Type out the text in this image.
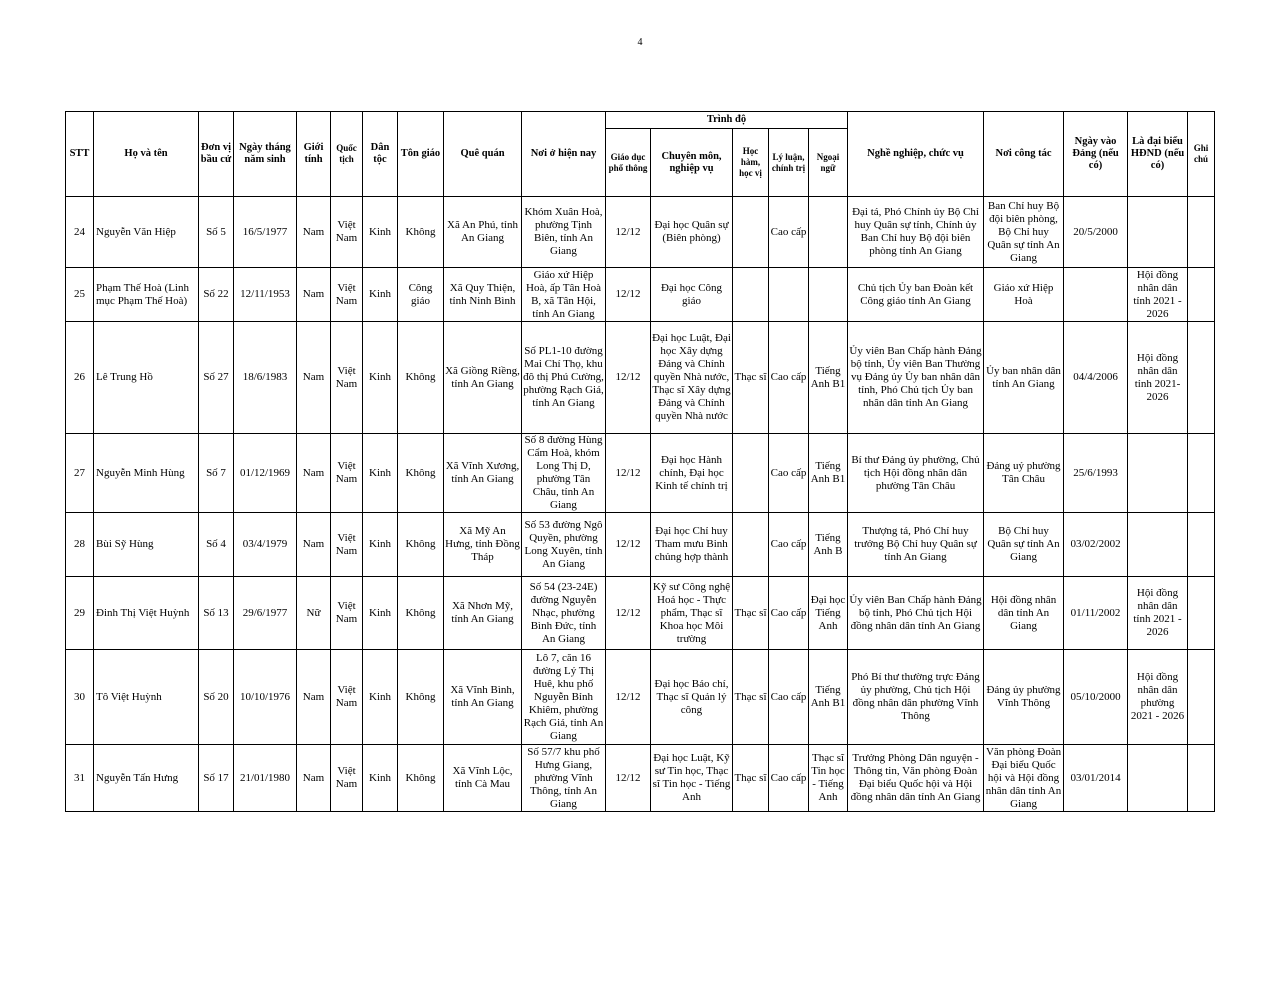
4
STT	Họ và tên	Đơn vị bầu cử	Ngày tháng năm sinh	Giới tính	Quốc tịch	Dân tộc	Tôn giáo	Quê quán	Nơi ở hiện nay	Trình độ					Nghề nghiệp, chức vụ	Nơi công tác	Ngày vào Đảng (nếu có)	Là đại biểu HĐND (nếu có)	Ghi chú
										Giáo dục phổ thông	Chuyên môn, nghiệp vụ	Học hàm, học vị	Lý luận, chính trị	Ngoại ngữ					
24	Nguyễn Văn Hiệp	Số 5	16/5/1977	Nam	Việt Nam	Kinh	Không	Xã An Phú, tỉnh An Giang	Khóm Xuân Hoà, phường Tịnh Biên, tỉnh An Giang	12/12	Đại học Quân sự (Biên phòng)		Cao cấp		Đại tá, Phó Chính ủy Bộ Chỉ huy Quân sự tỉnh, Chính ủy Ban Chỉ huy Bộ đội biên phòng tỉnh An Giang	Ban Chỉ huy Bộ đội biên phòng, Bộ Chỉ huy Quân sự tỉnh An Giang	20/5/2000		
25	Phạm Thế Hoà (Linh mục Phạm Thế Hoà)	Số 22	12/11/1953	Nam	Việt Nam	Kinh	Công giáo	Xã Quy Thiện, tỉnh Ninh Bình	Giáo xứ Hiệp Hoà, ấp Tân Hoà B, xã Tân Hội, tỉnh An Giang	12/12	Đại học Công giáo				Chủ tịch Ủy ban Đoàn kết Công giáo tỉnh An Giang	Giáo xứ Hiệp Hoà		Hội đồng nhân dân tỉnh 2021 - 2026	
26	Lê Trung Hồ	Số 27	18/6/1983	Nam	Việt Nam	Kinh	Không	Xã Giồng Riềng, tỉnh An Giang	Số PL1-10 đường Mai Chí Thọ, khu đô thị Phú Cường, phường Rạch Giá, tỉnh An Giang	12/12	Đại học Luật, Đại học Xây dựng Đảng và Chính quyền Nhà nước, Thạc sĩ Xây dựng Đảng và Chính quyền Nhà nước	Thạc sĩ	Cao cấp	Tiếng Anh B1	Ủy viên Ban Chấp hành Đảng bộ tỉnh, Ủy viên Ban Thường vụ Đảng ủy Ủy ban nhân dân tỉnh, Phó Chủ tịch Ủy ban nhân dân tỉnh An Giang	Ủy ban nhân dân tỉnh An Giang	04/4/2006	Hội đồng nhân dân tỉnh 2021-2026	
27	Nguyễn Minh Hùng	Số 7	01/12/1969	Nam	Việt Nam	Kinh	Không	Xã Vĩnh Xương, tỉnh An Giang	Số 8 đường Hùng Cẩm Hoà, khóm Long Thị D, phường Tân Châu, tỉnh An Giang	12/12	Đại học Hành chính, Đại học Kinh tế chính trị		Cao cấp	Tiếng Anh B1	Bí thư Đảng ủy phường, Chủ tịch Hội đồng nhân dân phường Tân Châu	Đảng uỷ phường Tân Châu	25/6/1993		
28	Bùi Sỹ Hùng	Số 4	03/4/1979	Nam	Việt Nam	Kinh	Không	Xã Mỹ An Hưng, tỉnh Đồng Tháp	Số 53 đường Ngô Quyền, phường Long Xuyên, tỉnh An Giang	12/12	Đại học Chỉ huy Tham mưu Binh chủng hợp thành		Cao cấp	Tiếng Anh B	Thượng tá, Phó Chỉ huy trưởng Bộ Chỉ huy Quân sự tỉnh An Giang	Bộ Chỉ huy Quân sự tỉnh An Giang	03/02/2002		
29	Đinh Thị Việt Huỳnh	Số 13	29/6/1977	Nữ	Việt Nam	Kinh	Không	Xã Nhơn Mỹ, tỉnh An Giang	Số 54 (23-24E) đường Nguyễn Nhạc, phường Bình Đức, tỉnh An Giang	12/12	Kỹ sư Công nghệ Hoá học - Thực phẩm, Thạc sĩ Khoa học Môi trường	Thạc sĩ	Cao cấp	Đại học Tiếng Anh	Ủy viên Ban Chấp hành Đảng bộ tỉnh, Phó Chủ tịch Hội đồng nhân dân tỉnh An Giang	Hội đồng nhân dân tỉnh An Giang	01/11/2002	Hội đồng nhân dân tỉnh 2021 - 2026	
30	Tô Việt Huỳnh	Số 20	10/10/1976	Nam	Việt Nam	Kinh	Không	Xã Vĩnh Bình, tỉnh An Giang	Lô 7, căn 16 đường Lý Thị Huê, khu phố Nguyễn Bỉnh Khiêm, phường Rạch Giá, tỉnh An Giang	12/12	Đại học Báo chí, Thạc sĩ Quản lý công	Thạc sĩ	Cao cấp	Tiếng Anh B1	Phó Bí thư thường trực Đảng ủy phường, Chủ tịch Hội đồng nhân dân phường Vĩnh Thông	Đảng ủy phường Vĩnh Thông	05/10/2000	Hội đồng nhân dân phường 2021 - 2026	
31	Nguyễn Tấn Hưng	Số 17	21/01/1980	Nam	Việt Nam	Kinh	Không	Xã Vĩnh Lộc, tỉnh Cà Mau	Số 57/7 khu phố Hưng Giang, phường Vĩnh Thông, tỉnh An Giang	12/12	Đại học Luật, Kỹ sư Tin học, Thạc sĩ Tin học - Tiếng Anh	Thạc sĩ	Cao cấp	Thạc sĩ Tin học - Tiếng Anh	Trưởng Phòng Dân nguyện - Thông tin, Văn phòng Đoàn Đại biểu Quốc hội và Hội đồng nhân dân tỉnh An Giang	Văn phòng Đoàn Đại biểu Quốc hội và Hội đồng nhân dân tỉnh An Giang	03/01/2014		
